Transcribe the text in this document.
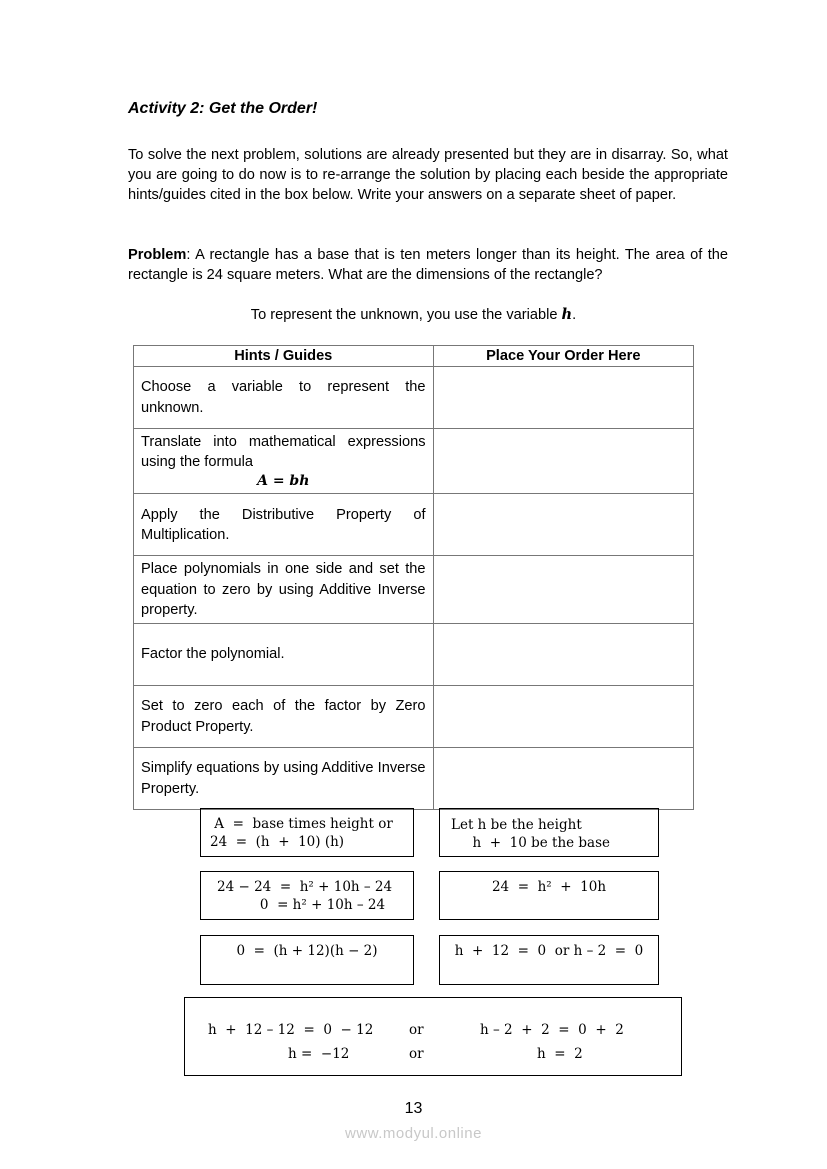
Activity 2: Get the Order!
To solve the next problem, solutions are already presented but they are in disarray. So, what you are going to do now is to re-arrange the solution by placing each beside the appropriate hints/guides cited in the box below. Write your answers on a separate sheet of paper.
Problem: A rectangle has a base that is ten meters longer than its height. The area of the rectangle is 24 square meters. What are the dimensions of the rectangle?
To represent the unknown, you use the variable h.
Hints / Guides	Place Your Order Here
Choose a variable to represent the unknown.	
Translate into mathematical expressions using the formula
A = bh	

Apply the Distributive Property of Multiplication.	
Place polynomials in one side and set the equation to zero by using Additive Inverse property.	
Factor the polynomial.	
Set to zero each of the factor by Zero Product Property.	
Simplify equations by using Additive Inverse Property.	
A  =  base times height or
24  =  (h  +  10) (h)
Let h be the height
h  +  10 be the base
24 − 24  =  h² + 10h – 24
0  = h² + 10h – 24
24  =  h²  +  10h
0  =  (h + 12)(h − 2)	h  +  12  =  0  or h – 2  =  0
h  +  12 – 12  =  0  − 12	or	h – 2  +  2  =  0  +  2
h =  −12	or	h  =  2
13
www.modyul.online
